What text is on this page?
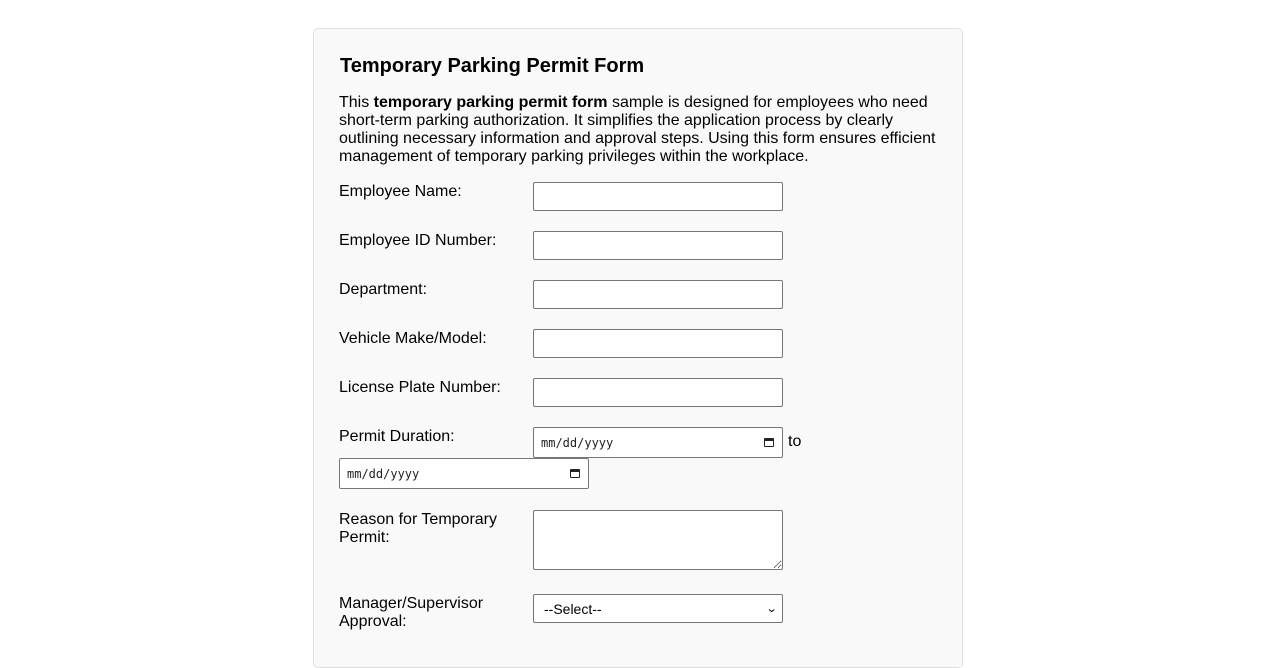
Temporary Parking Permit Form

This temporary parking permit form sample is designed for employees who need short-term parking authorization. It simplifies the application process by clearly outlining necessary information and approval steps. Using this form ensures efficient management of temporary parking privileges within the workplace.

Employee Name:
Employee ID Number:
Department:
Vehicle Make/Model:
License Plate Number:
Permit Duration:	mm/dd/yyyy	to
mm/dd/yyyy
Reason for Temporary Permit:
Manager/Supervisor Approval:
--Select--	⌄
